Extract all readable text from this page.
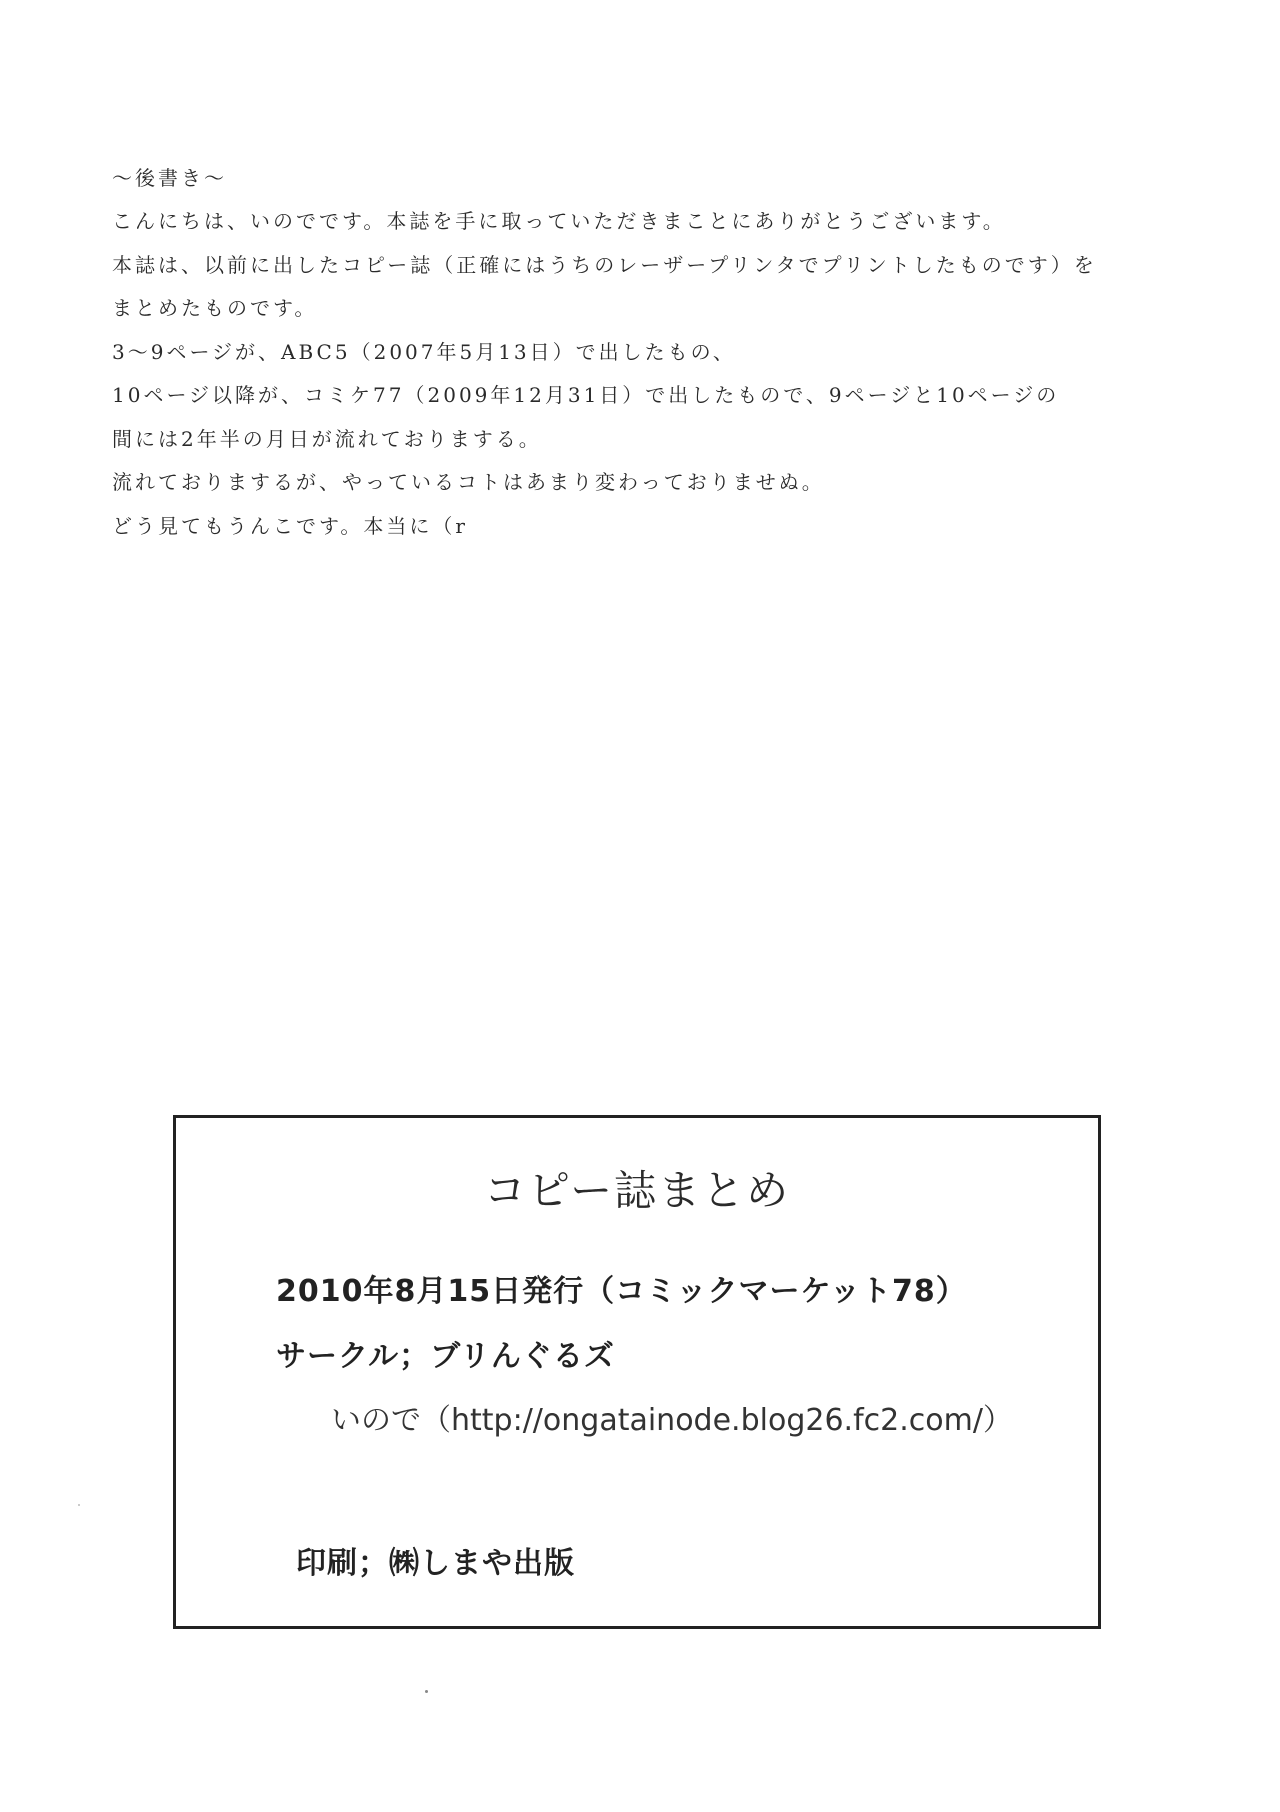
〜後書き〜
こんにちは、いのでです。本誌を手に取っていただきまことにありがとうございます。
本誌は、以前に出したコピー誌（正確にはうちのレーザープリンタでプリントしたものです）を
まとめたものです。
3〜9ページが、ABC5（2007年5月13日）で出したもの、
10ページ以降が、コミケ77（2009年12月31日）で出したもので、9ページと10ページの
間には2年半の月日が流れておりまする。
流れておりまするが、やっているコトはあまり変わっておりませぬ。
どう見てもうんこです。本当に（r
コピー誌まとめ
2010年8月15日発行（コミックマーケット78）
サークル；ブリんぐるズ
いので（http://ongatainode.blog26.fc2.com/）
印刷；㈱しまや出版
